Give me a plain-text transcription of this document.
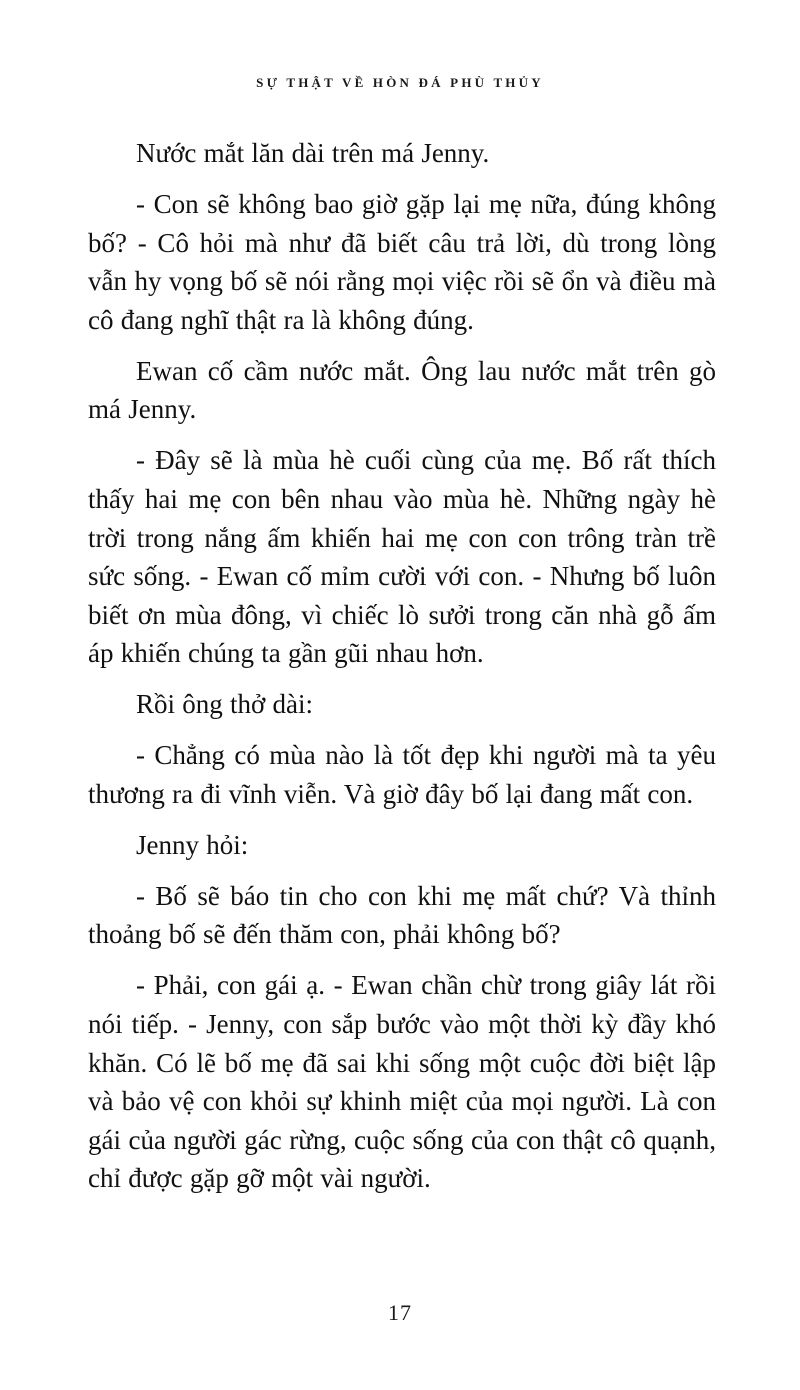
SỰ THẬT VỀ HÒN ĐÁ PHÙ THỦY

Nước mắt lăn dài trên má Jenny.

- Con sẽ không bao giờ gặp lại mẹ nữa, đúng không bố? - Cô hỏi mà như đã biết câu trả lời, dù trong lòng vẫn hy vọng bố sẽ nói rằng mọi việc rồi sẽ ổn và điều mà cô đang nghĩ thật ra là không đúng.

Ewan cố cầm nước mắt. Ông lau nước mắt trên gò má Jenny.

- Đây sẽ là mùa hè cuối cùng của mẹ. Bố rất thích thấy hai mẹ con bên nhau vào mùa hè. Những ngày hè trời trong nắng ấm khiến hai mẹ con con trông tràn trề sức sống. - Ewan cố mỉm cười với con. - Nhưng bố luôn biết ơn mùa đông, vì chiếc lò sưởi trong căn nhà gỗ ấm áp khiến chúng ta gần gũi nhau hơn.

Rồi ông thở dài:

- Chẳng có mùa nào là tốt đẹp khi người mà ta yêu thương ra đi vĩnh viễn. Và giờ đây bố lại đang mất con.

Jenny hỏi:

- Bố sẽ báo tin cho con khi mẹ mất chứ? Và thỉnh thoảng bố sẽ đến thăm con, phải không bố?

- Phải, con gái ạ. - Ewan chần chừ trong giây lát rồi nói tiếp. - Jenny, con sắp bước vào một thời kỳ đầy khó khăn. Có lẽ bố mẹ đã sai khi sống một cuộc đời biệt lập và bảo vệ con khỏi sự khinh miệt của mọi người. Là con gái của người gác rừng, cuộc sống của con thật cô quạnh, chỉ được gặp gỡ một vài người.

17
